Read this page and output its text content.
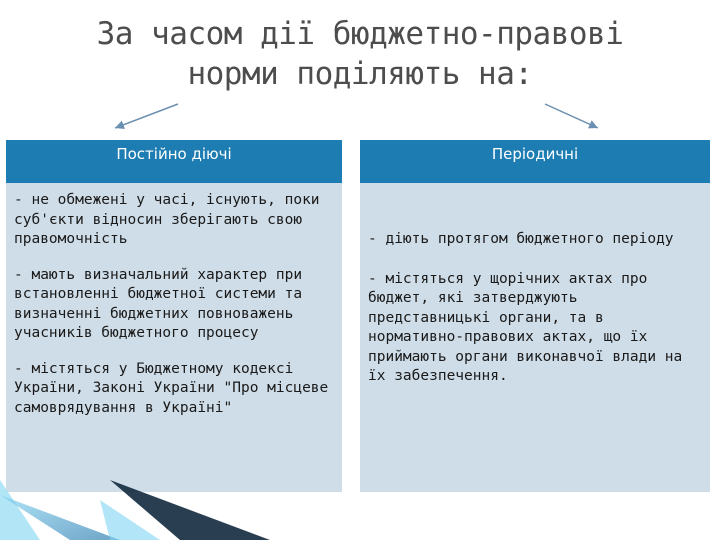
За часом дії бюджетно-правові
норми поділяють на:
Постійно діючі	Періодичні

- не обмежені у часі, існують, поки суб'єкти відносин зберігають свою правомочність

- мають визначальний характер при встановленні бюджетної системи та визначенні бюджетних повноважень учасників бюджетного процесу

- містяться у Бюджетному кодексі України, Законі України "Про місцеве самоврядування в Україні"

- діють протягом бюджетного періоду

- містяться у щорічних актах про бюджет, які затверджують представницькі органи, та в нормативно-правових актах, що їх приймають органи виконавчої влади на їх забезпечення.
